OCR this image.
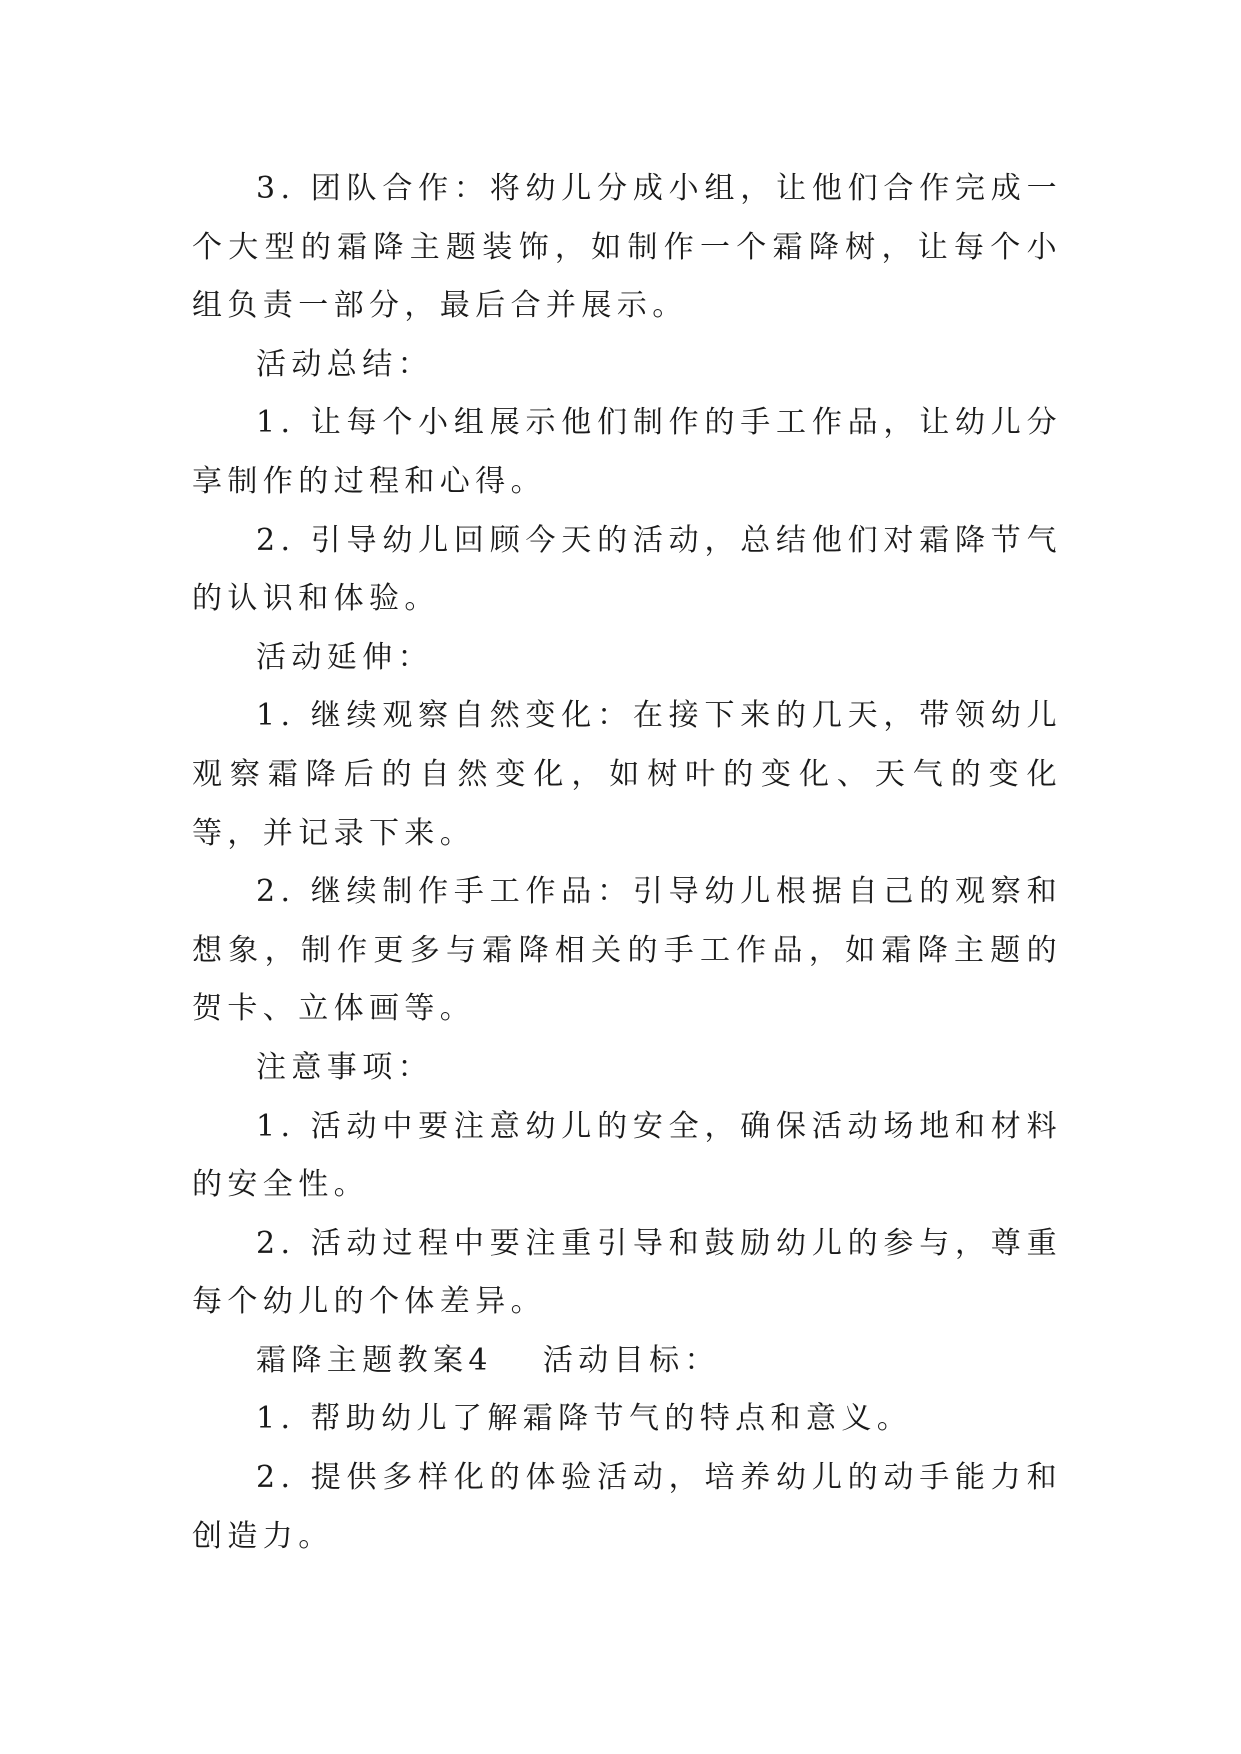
3. 团队合作：将幼儿分成小组，让他们合作完成一个大型的霜降主题装饰，如制作一个霜降树，让每个小组负责一部分，最后合并展示。

活动总结：

1. 让每个小组展示他们制作的手工作品，让幼儿分享制作的过程和心得。

2. 引导幼儿回顾今天的活动，总结他们对霜降节气的认识和体验。

活动延伸：

1. 继续观察自然变化：在接下来的几天，带领幼儿观察霜降后的自然变化，如树叶的变化、天气的变化等，并记录下来。

2. 继续制作手工作品：引导幼儿根据自己的观察和想象，制作更多与霜降相关的手工作品，如霜降主题的贺卡、立体画等。

注意事项：

1. 活动中要注意幼儿的安全，确保活动场地和材料的安全性。

2. 活动过程中要注重引导和鼓励幼儿的参与，尊重每个幼儿的个体差异。

霜降主题教案4 活动目标：

1. 帮助幼儿了解霜降节气的特点和意义。

2. 提供多样化的体验活动，培养幼儿的动手能力和创造力。
